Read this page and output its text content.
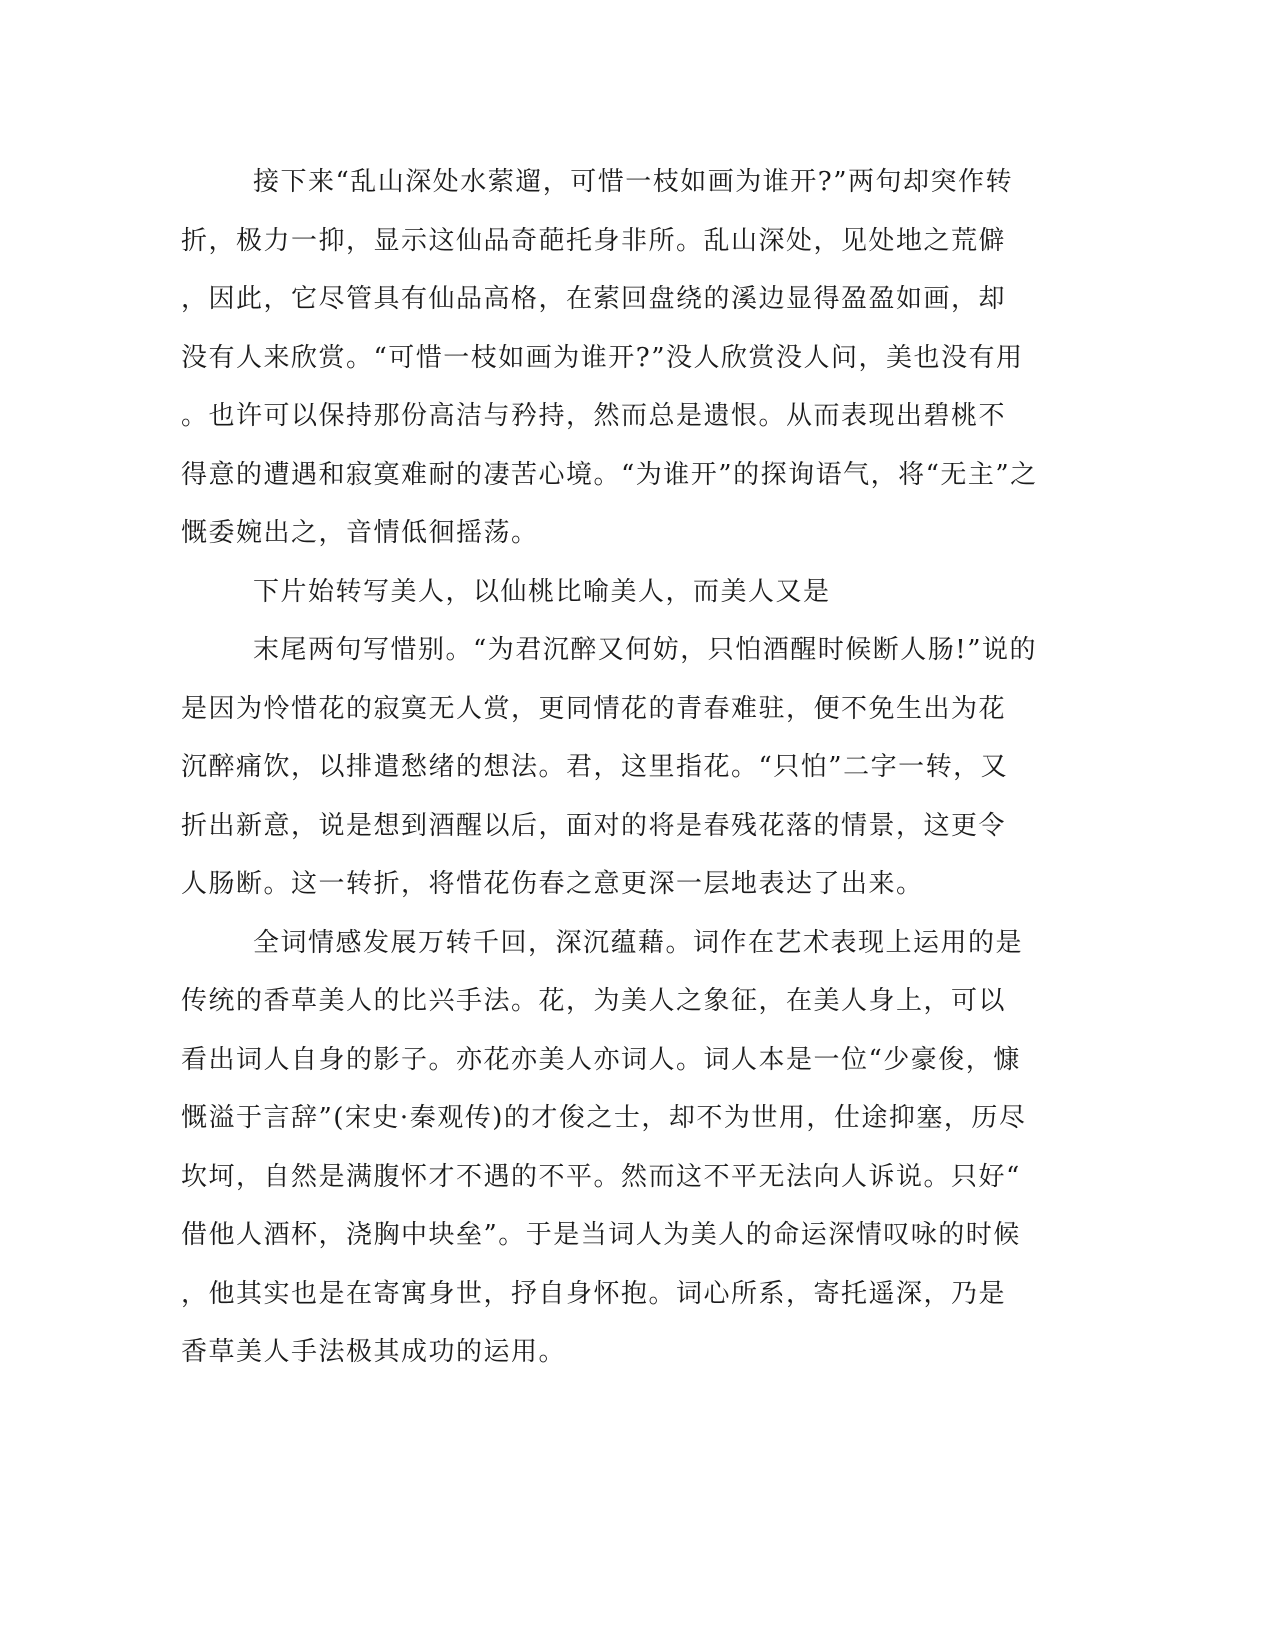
接下来“乱山深处水萦遛，可惜一枝如画为谁开?”两句却突作转
折，极力一抑，显示这仙品奇葩托身非所。乱山深处，见处地之荒僻
，因此，它尽管具有仙品高格，在萦回盘绕的溪边显得盈盈如画，却
没有人来欣赏。“可惜一枝如画为谁开?”没人欣赏没人问，美也没有用
。也许可以保持那份高洁与矜持，然而总是遗恨。从而表现出碧桃不
得意的遭遇和寂寞难耐的凄苦心境。“为谁开”的探询语气，将“无主”之
慨委婉出之，音情低徊摇荡。
下片始转写美人，以仙桃比喻美人，而美人又是
末尾两句写惜别。“为君沉醉又何妨，只怕酒醒时候断人肠!”说的
是因为怜惜花的寂寞无人赏，更同情花的青春难驻，便不免生出为花
沉醉痛饮，以排遣愁绪的想法。君，这里指花。“只怕”二字一转，又
折出新意，说是想到酒醒以后，面对的将是春残花落的情景，这更令
人肠断。这一转折，将惜花伤春之意更深一层地表达了出来。
全词情感发展万转千回，深沉蕴藉。词作在艺术表现上运用的是
传统的香草美人的比兴手法。花，为美人之象征，在美人身上，可以
看出词人自身的影子。亦花亦美人亦词人。词人本是一位“少豪俊，慷
慨溢于言辞”(宋史·秦观传)的才俊之士，却不为世用，仕途抑塞，历尽
坎坷，自然是满腹怀才不遇的不平。然而这不平无法向人诉说。只好“
借他人酒杯，浇胸中块垒”。于是当词人为美人的命运深情叹咏的时候
，他其实也是在寄寓身世，抒自身怀抱。词心所系，寄托遥深，乃是
香草美人手法极其成功的运用。
